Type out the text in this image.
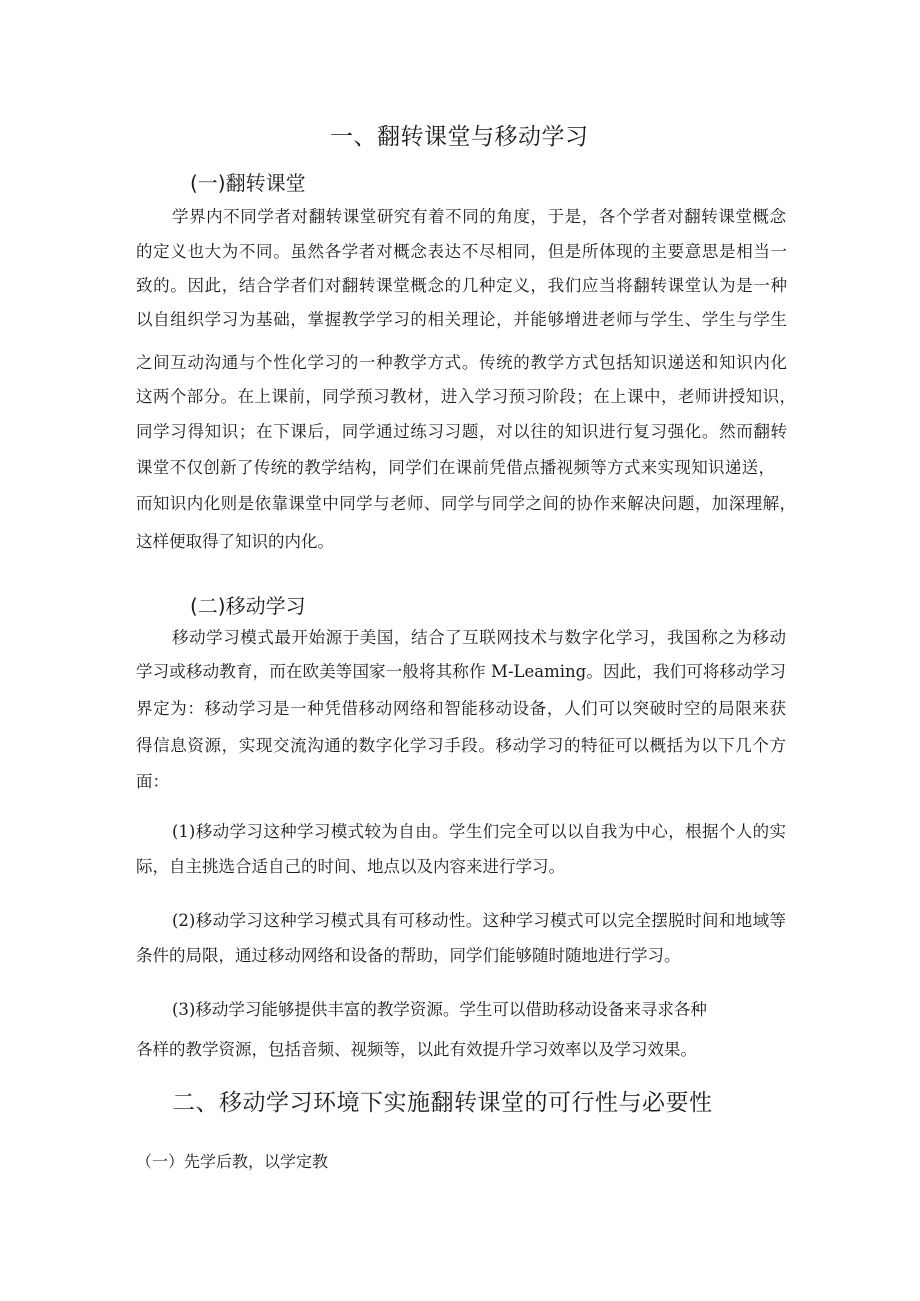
一、翻转课堂与移动学习
(一)翻转课堂
学界内不同学者对翻转课堂研究有着不同的角度，于是，各个学者对翻转课堂概念
的定义也大为不同。虽然各学者对概念表达不尽相同，但是所体现的主要意思是相当一
致的。因此，结合学者们对翻转课堂概念的几种定义，我们应当将翻转课堂认为是一种
以自组织学习为基础，掌握教学学习的相关理论，并能够增进老师与学生、学生与学生
之间互动沟通与个性化学习的一种教学方式。传统的教学方式包括知识递送和知识内化
这两个部分。在上课前，同学预习教材，进入学习预习阶段；在上课中，老师讲授知识，
同学习得知识；在下课后，同学通过练习习题，对以往的知识进行复习强化。然而翻转
课堂不仅创新了传统的教学结构，同学们在课前凭借点播视频等方式来实现知识递送，
而知识内化则是依靠课堂中同学与老师、同学与同学之间的协作来解决问题，加深理解，
这样便取得了知识的内化。
(二)移动学习
移动学习模式最开始源于美国，结合了互联网技术与数字化学习，我国称之为移动
学习或移动教育，而在欧美等国家一般将其称作 M-Leaming。因此，我们可将移动学习
界定为：移动学习是一种凭借移动网络和智能移动设备，人们可以突破时空的局限来获
得信息资源，实现交流沟通的数字化学习手段。移动学习的特征可以概括为以下几个方
面：
(1)移动学习这种学习模式较为自由。学生们完全可以以自我为中心，根据个人的实
际，自主挑选合适自己的时间、地点以及内容来进行学习。
(2)移动学习这种学习模式具有可移动性。这种学习模式可以完全摆脱时间和地域等
条件的局限，通过移动网络和设备的帮助，同学们能够随时随地进行学习。
(3)移动学习能够提供丰富的教学资源。学生可以借助移动设备来寻求各种
各样的教学资源，包括音频、视频等，以此有效提升学习效率以及学习效果。
二、移动学习环境下实施翻转课堂的可行性与必要性
（一）先学后教，以学定教
